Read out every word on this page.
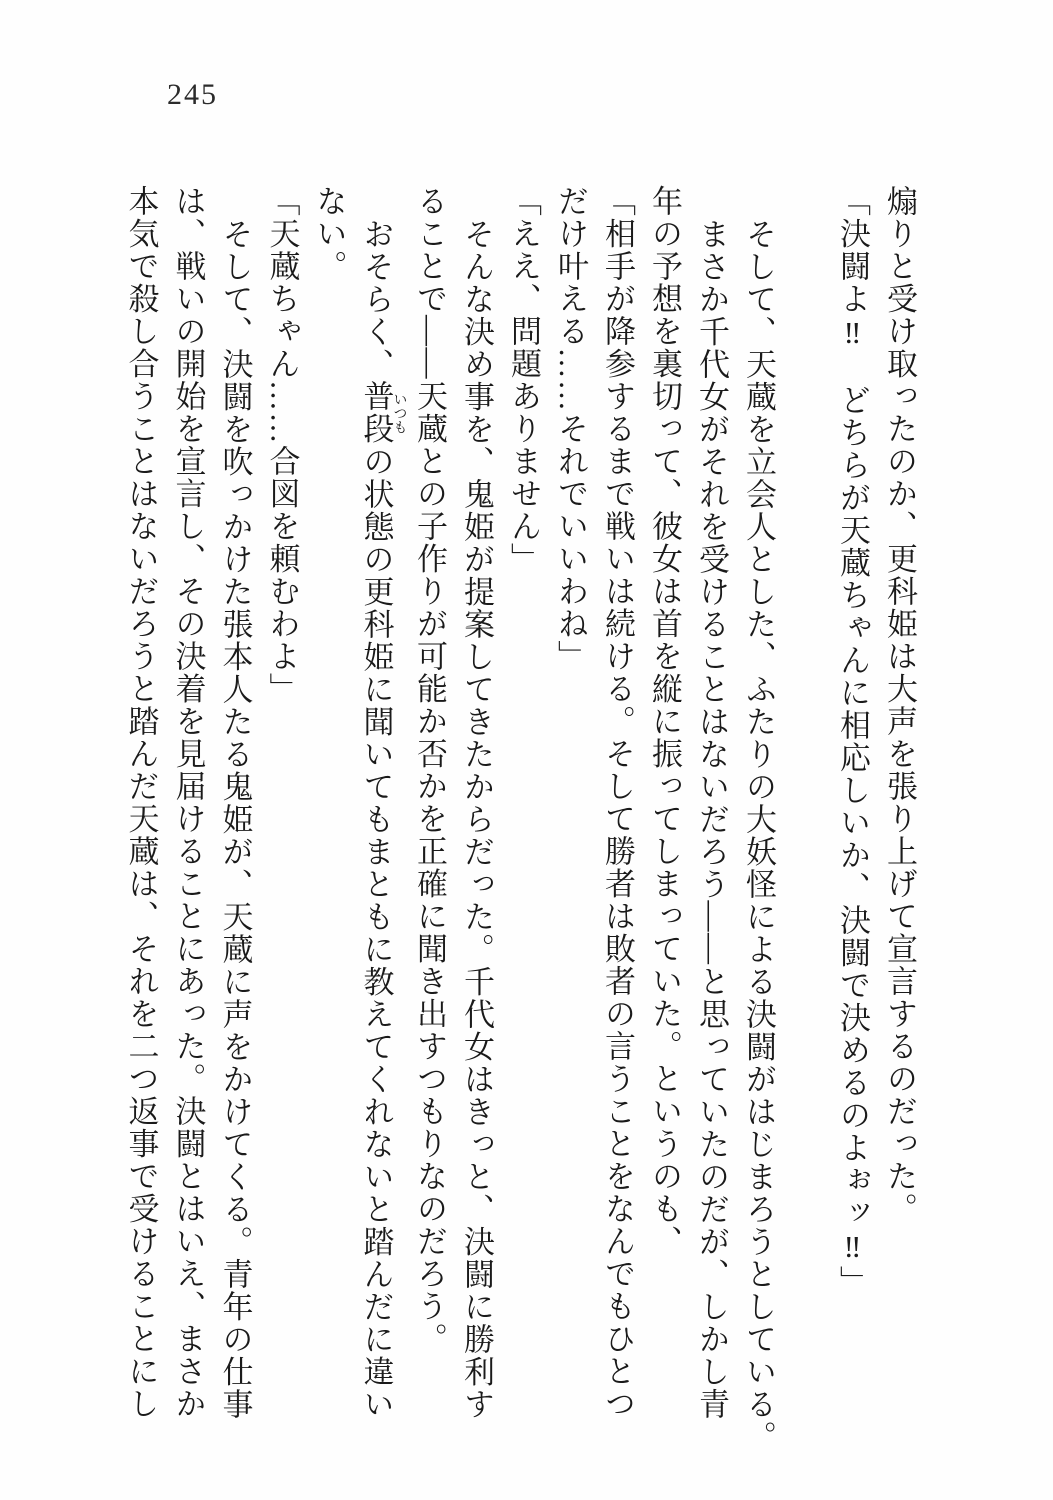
245

煽りと受け取ったのか、更科姫は大声を張り上げて宣言するのだった。

「決闘よ‼　どちらが天蔵ちゃんに相応しいか、決闘で決めるのよぉッ‼」

そして、天蔵を立会人とした、ふたりの大妖怪による決闘がはじまろうとしている。

まさか千代女がそれを受けることはないだろう――と思っていたのだが、しかし青年の予想を裏切って、彼女は首を縦に振ってしまっていた。というのも、

「相手が降参するまで戦いは続ける。そして勝者は敗者の言うことをなんでもひとつだけ叶える……それでいいわね」

「ええ、問題ありません」

そんな決め事を、鬼姫が提案してきたからだった。千代女はきっと、決闘に勝利することで――天蔵との子作りが可能か否かを正確に聞き出すつもりなのだろう。

おそらく、普段いつもの状態の更科姫に聞いてもまともに教えてくれないと踏んだに違いない。

「天蔵ちゃん……合図を頼むわよ」

そして、決闘を吹っかけた張本人たる鬼姫が、天蔵に声をかけてくる。青年の仕事は、戦いの開始を宣言し、その決着を見届けることにあった。決闘とはいえ、まさか本気で殺し合うことはないだろうと踏んだ天蔵は、それを二つ返事で受けることにし
